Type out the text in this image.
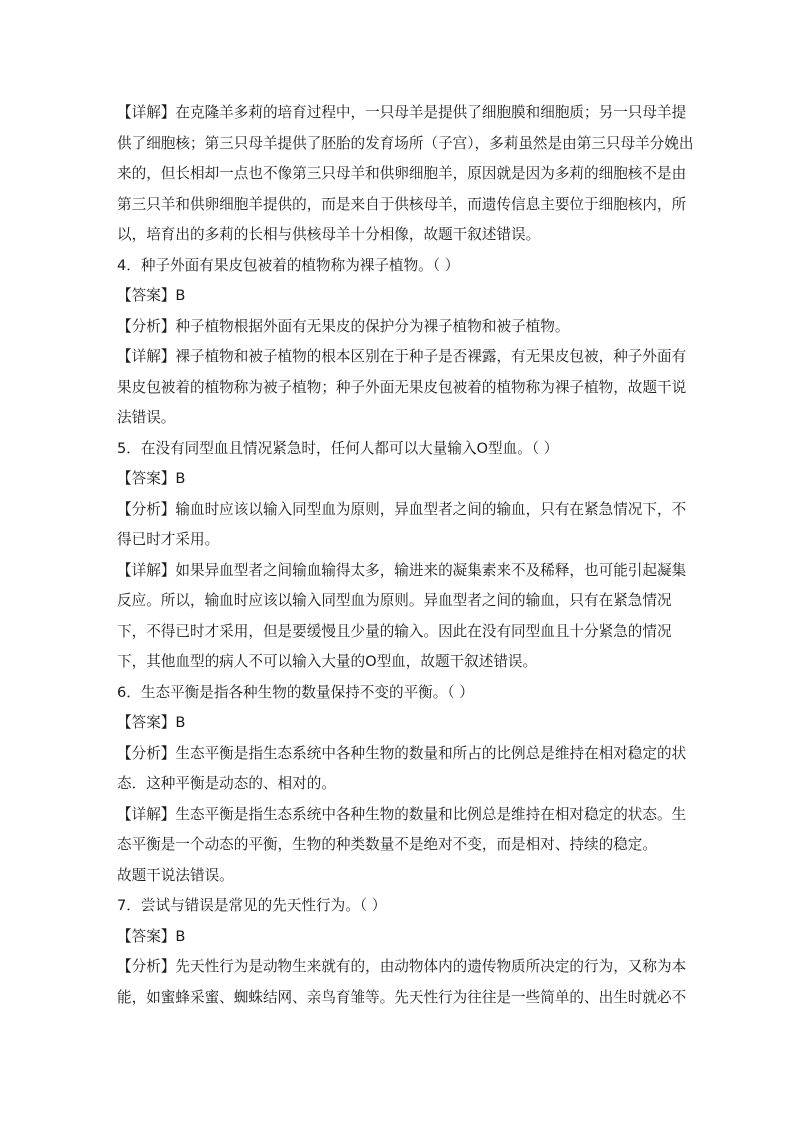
【详解】在克隆羊多莉的培育过程中，一只母羊是提供了细胞膜和细胞质；另一只母羊提
供了细胞核；第三只母羊提供了胚胎的发育场所（子宫），多莉虽然是由第三只母羊分娩出
来的，但长相却一点也不像第三只母羊和供卵细胞羊，原因就是因为多莉的细胞核不是由
第三只羊和供卵细胞羊提供的，而是来自于供核母羊，而遗传信息主要位于细胞核内，所
以，培育出的多莉的长相与供核母羊十分相像，故题干叙述错误。
4．种子外面有果皮包被着的植物称为裸子植物。（ ）
【答案】B
【分析】种子植物根据外面有无果皮的保护分为裸子植物和被子植物。
【详解】裸子植物和被子植物的根本区别在于种子是否裸露，有无果皮包被，种子外面有
果皮包被着的植物称为被子植物；种子外面无果皮包被着的植物称为裸子植物，故题干说
法错误。
5．在没有同型血且情况紧急时，任何人都可以大量输入O型血。（ ）
【答案】B
【分析】输血时应该以输入同型血为原则，异血型者之间的输血，只有在紧急情况下，不
得已时才采用。
【详解】如果异血型者之间输血输得太多，输进来的凝集素来不及稀释，也可能引起凝集
反应。所以，输血时应该以输入同型血为原则。异血型者之间的输血，只有在紧急情况
下，不得已时才采用，但是要缓慢且少量的输入。因此在没有同型血且十分紧急的情况
下，其他血型的病人不可以输入大量的O型血，故题干叙述错误。
6．生态平衡是指各种生物的数量保持不变的平衡。（ ）
【答案】B
【分析】生态平衡是指生态系统中各种生物的数量和所占的比例总是维持在相对稳定的状
态．这种平衡是动态的、相对的。
【详解】生态平衡是指生态系统中各种生物的数量和比例总是维持在相对稳定的状态。生
态平衡是一个动态的平衡，生物的种类数量不是绝对不变，而是相对、持续的稳定。
故题干说法错误。
7．尝试与错误是常见的先天性行为。（ ）
【答案】B
【分析】先天性行为是动物生来就有的，由动物体内的遗传物质所决定的行为，又称为本
能，如蜜蜂采蜜、蜘蛛结网、亲鸟育雏等。先天性行为往往是一些简单的、出生时就必不
